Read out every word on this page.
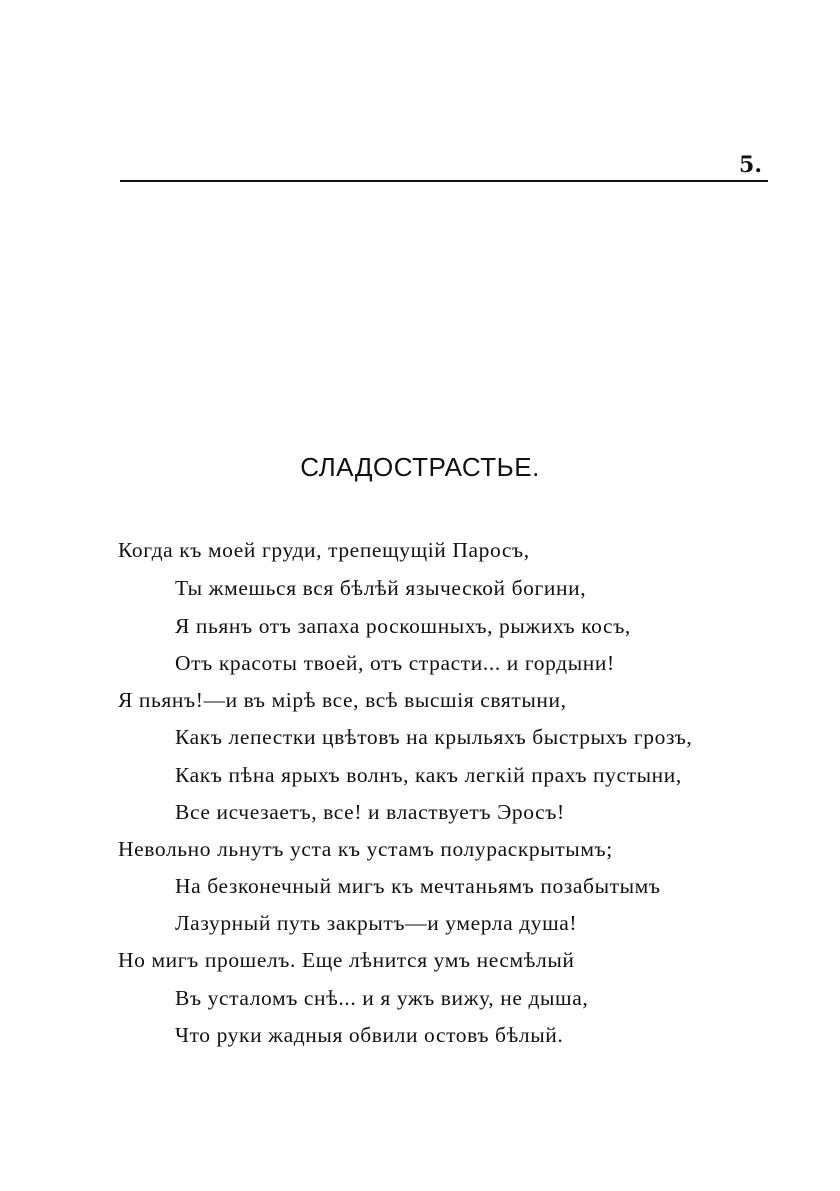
5.
СЛАДОСТРАСТЬЕ.
Когда къ моей груди, трепещущій Паросъ,
Ты жмешься вся бѣлѣй языческой богини,
Я пьянъ отъ запаха роскошныхъ, рыжихъ косъ,
Отъ красоты твоей, отъ страсти... и гордыни!
Я пьянъ!—и въ мірѣ все, всѣ высшія святыни,
Какъ лепестки цвѣтовъ на крыльяхъ быстрыхъ грозъ,
Какъ пѣна ярыхъ волнъ, какъ легкій прахъ пустыни,
Все исчезаетъ, все! и властвуетъ Эросъ!
Невольно льнутъ уста къ устамъ полураскрытымъ;
На безконечный мигъ къ мечтаньямъ позабытымъ
Лазурный путь закрытъ—и умерла душа!
Но мигъ прошелъ. Еще лѣнится умъ несмѣлый
Въ усталомъ снѣ... и я ужъ вижу, не дыша,
Что руки жадныя обвили остовъ бѣлый.
